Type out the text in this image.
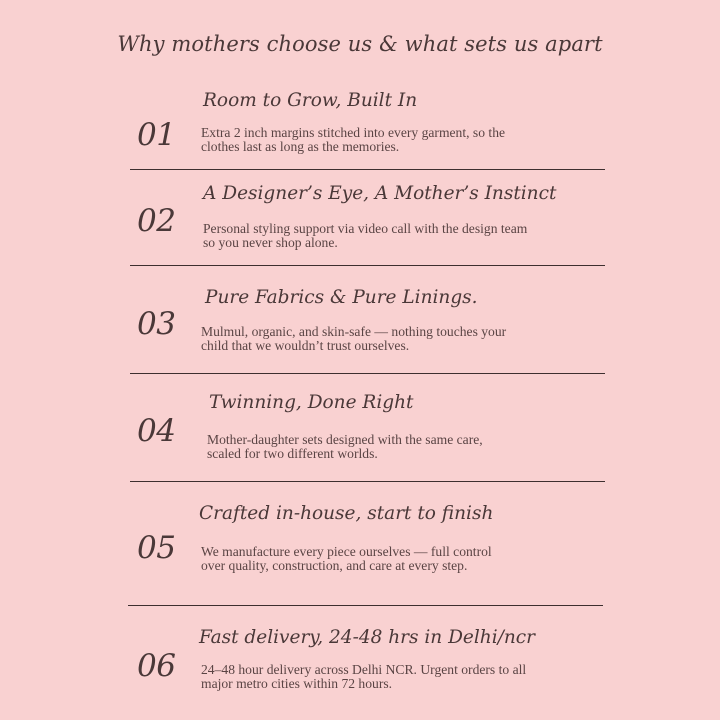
Why mothers choose us & what sets us apart
Room to Grow, Built In
01 Extra 2 inch margins stitched into every garment, so the clothes last as long as the memories.
A Designer’s Eye, A Mother’s Instinct
02 Personal styling support via video call with the design team so you never shop alone.
Pure Fabrics & Pure Linings.
03 Mulmul, organic, and skin-safe — nothing touches your child that we wouldn’t trust ourselves.
Twinning, Done Right
04 Mother-daughter sets designed with the same care, scaled for two different worlds.
Crafted in-house, start to finish
05 We manufacture every piece ourselves — full control over quality, construction, and care at every step.
Fast delivery, 24-48 hrs in Delhi/ncr
06 24–48 hour delivery across Delhi NCR. Urgent orders to all major metro cities within 72 hours.
